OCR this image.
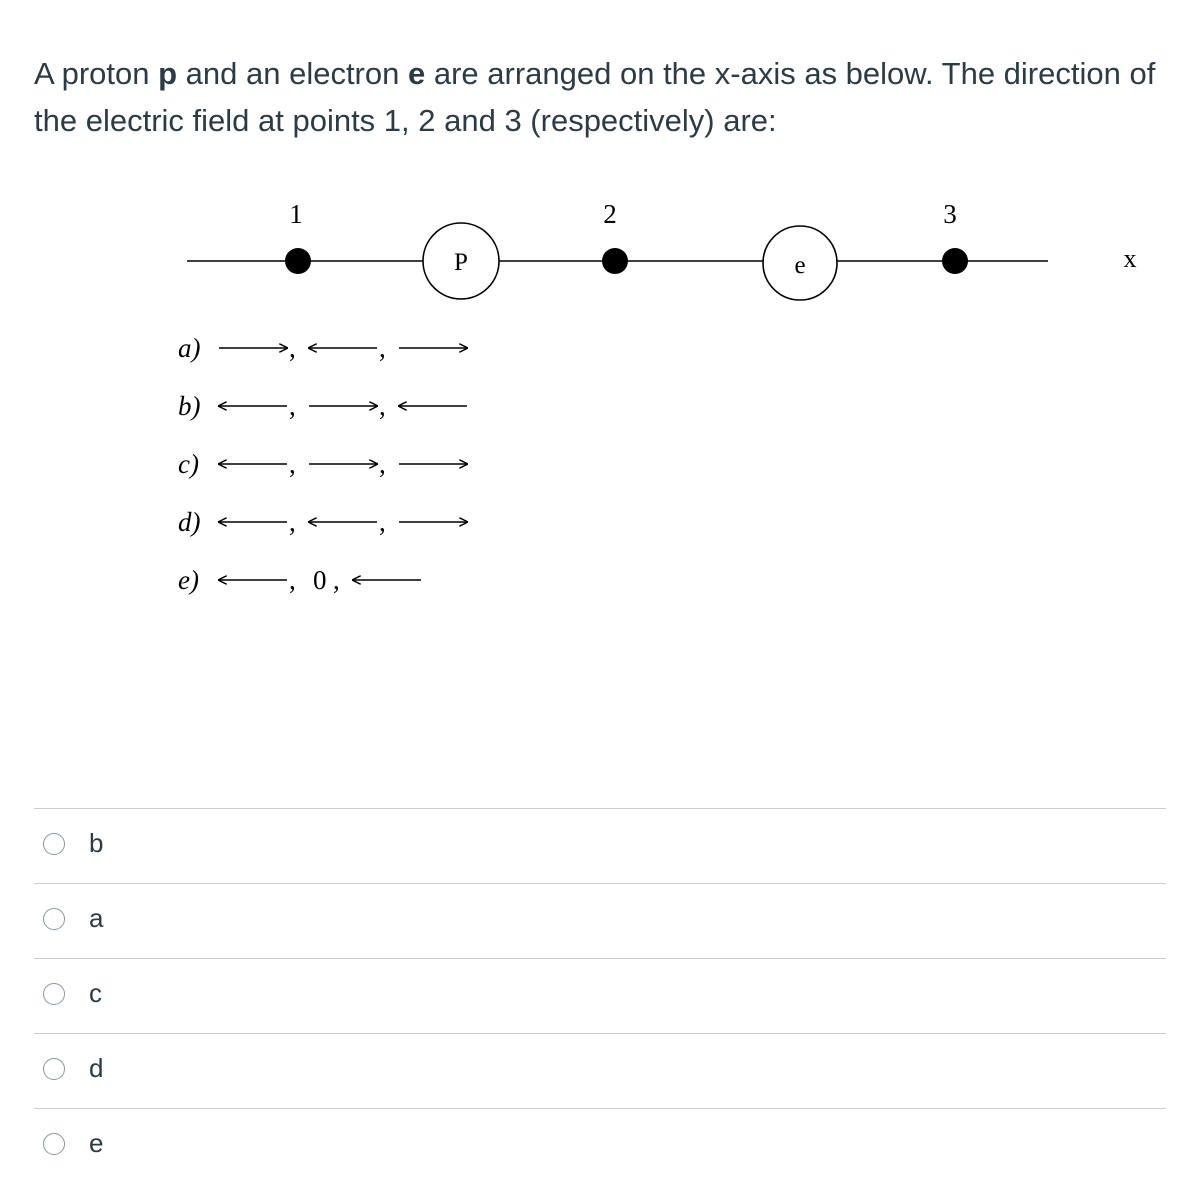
A proton p and an electron e are arranged on the x-axis as below. The direction of the electric field at points 1, 2 and 3 (respectively) are:
P	e
1	2	3
x
a)	,	,
b)	,	,
c)	,	,
d)	,	,
e)	, 0 ,
b
a
c
d
e
